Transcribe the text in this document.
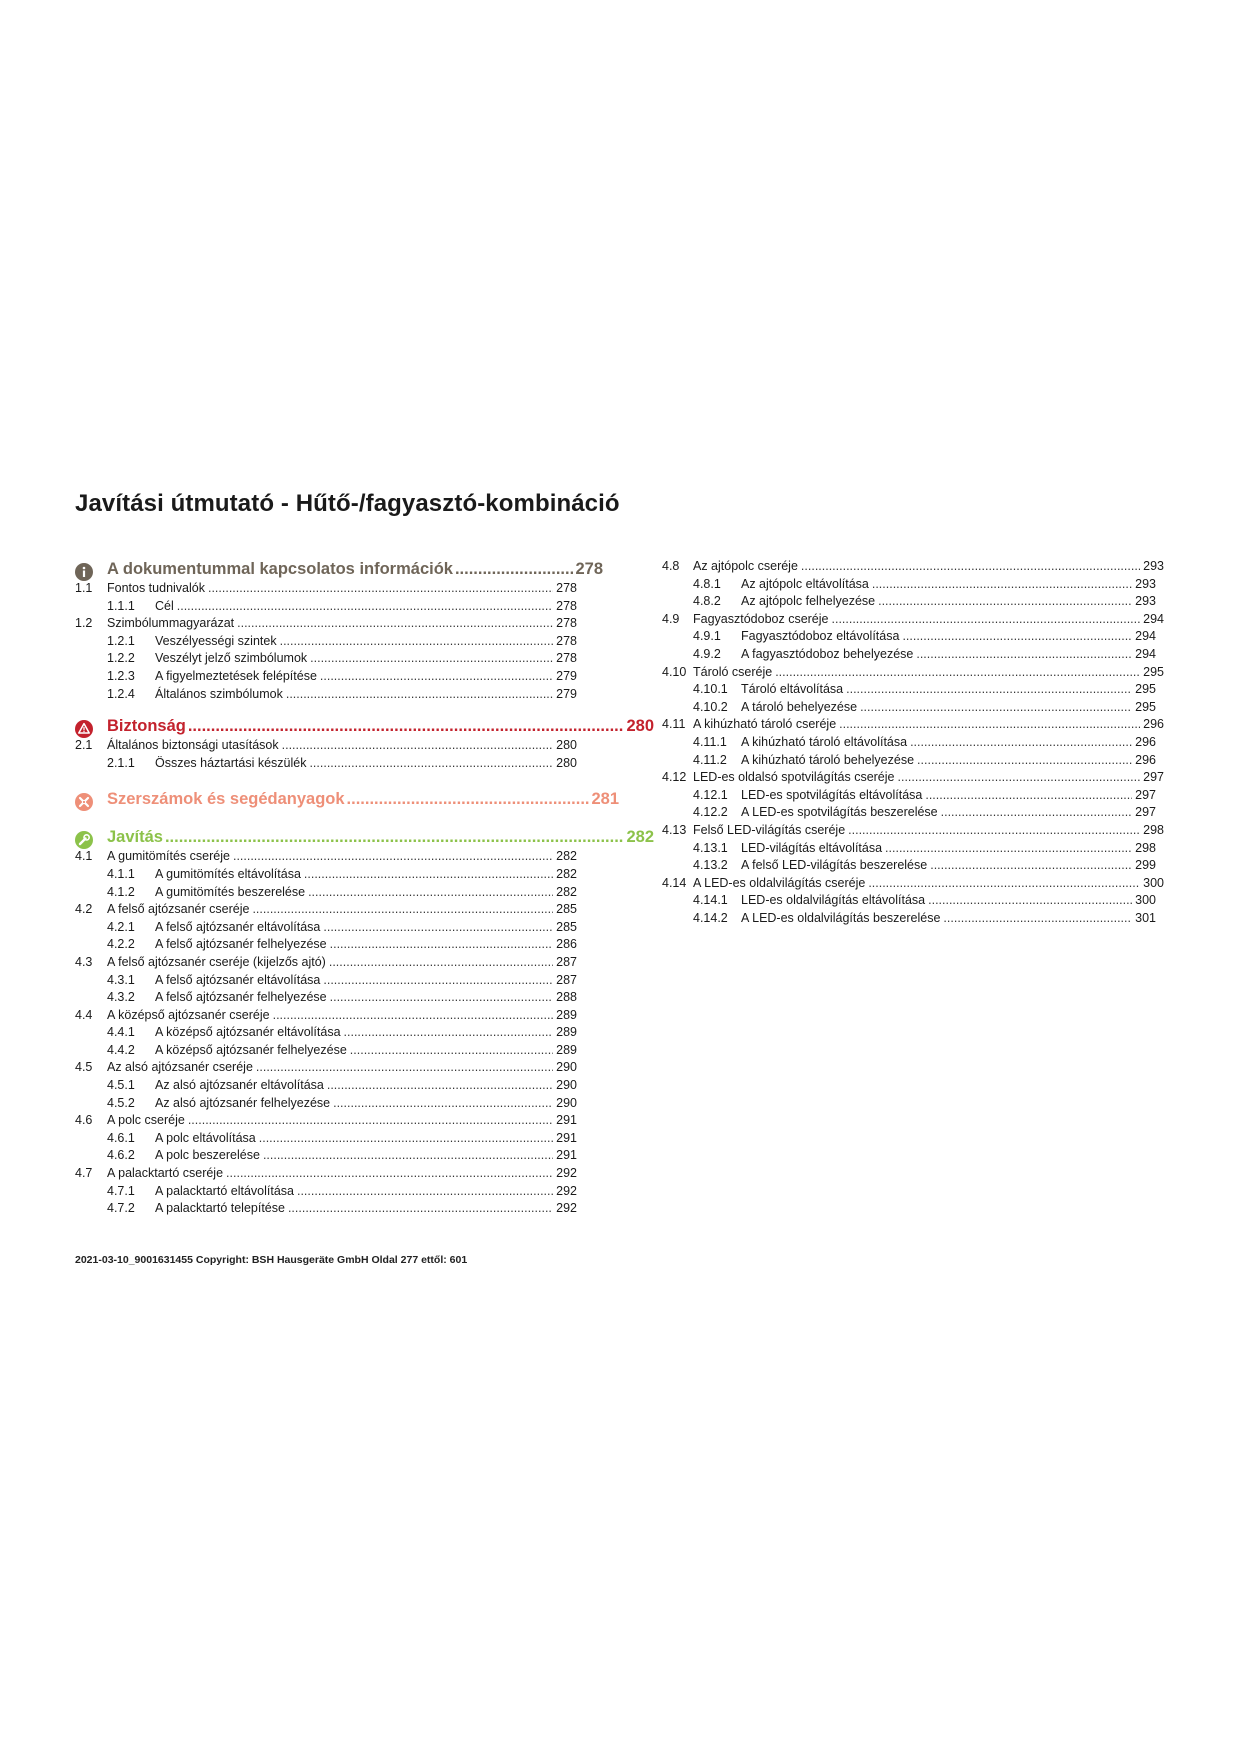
Javítási útmutató - Hűtő-/fagyasztó-kombináció
A dokumentummal kapcsolatos információk .....	278
1.1	Fontos tudnivalók .....	278
1.1.1	Cél .....	278
1.2	Szimbólummagyarázat .....	278
1.2.1	Veszélyességi szintek .....	278
1.2.2	Veszélyt jelző szimbólumok .....	278
1.2.3	A figyelmeztetések felépítése .....	279
1.2.4	Általános szimbólumok .....	279
Biztonság .....	280
2.1	Általános biztonsági utasítások .....	280
2.1.1	Összes háztartási készülék .....	280
Szerszámok és segédanyagok .....	281
Javítás .....	282
4.1	A gumitömítés cseréje .....	282
4.1.1	A gumitömítés eltávolítása .....	282
4.1.2	A gumitömítés beszerelése .....	282
4.2	A felső ajtózsanér cseréje .....	285
4.2.1	A felső ajtózsanér eltávolítása .....	285
4.2.2	A felső ajtózsanér felhelyezése .....	286
4.3	A felső ajtózsanér cseréje (kijelzős ajtó) .....	287
4.3.1	A felső ajtózsanér eltávolítása .....	287
4.3.2	A felső ajtózsanér felhelyezése .....	288
4.4	A középső ajtózsanér cseréje .....	289
4.4.1	A középső ajtózsanér eltávolítása .....	289
4.4.2	A középső ajtózsanér felhelyezése .....	289
4.5	Az alsó ajtózsanér cseréje .....	290
4.5.1	Az alsó ajtózsanér eltávolítása .....	290
4.5.2	Az alsó ajtózsanér felhelyezése .....	290
4.6	A polc cseréje .....	291
4.6.1	A polc eltávolítása .....	291
4.6.2	A polc beszerelése .....	291
4.7	A palacktartó cseréje .....	292
4.7.1	A palacktartó eltávolítása .....	292
4.7.2	A palacktartó telepítése .....	292
4.8	Az ajtópolc cseréje .....	293
4.8.1	Az ajtópolc eltávolítása .....	293
4.8.2	Az ajtópolc felhelyezése .....	293
4.9	Fagyasztódoboz cseréje .....	294
4.9.1	Fagyasztódoboz eltávolítása .....	294
4.9.2	A fagyasztódoboz behelyezése .....	294
4.10 Tároló cseréje .....	295
4.10.1	Tároló eltávolítása .....	295
4.10.2	A tároló behelyezése .....	295
4.11 A kihúzható tároló cseréje .....	296
4.11.1	A kihúzható tároló eltávolítása .....	296
4.11.2	A kihúzható tároló behelyezése .....	296
4.12 LED-es oldalsó spotvilágítás cseréje .....	297
4.12.1	LED-es spotvilágítás eltávolítása .....	297
4.12.2	A LED-es spotvilágítás beszerelése .....	297
4.13 Felső LED-világítás cseréje .....	298
4.13.1	LED-világítás eltávolítása .....	298
4.13.2	A felső LED-világítás beszerelése .....	299
4.14 A LED-es oldalvilágítás cseréje .....	300
4.14.1	LED-es oldalvilágítás eltávolítása .....	300
4.14.2	A LED-es oldalvilágítás beszerelése .....	301
2021-03-10_9001631455 Copyright: BSH Hausgeräte GmbH Oldal 277 ettől: 601
